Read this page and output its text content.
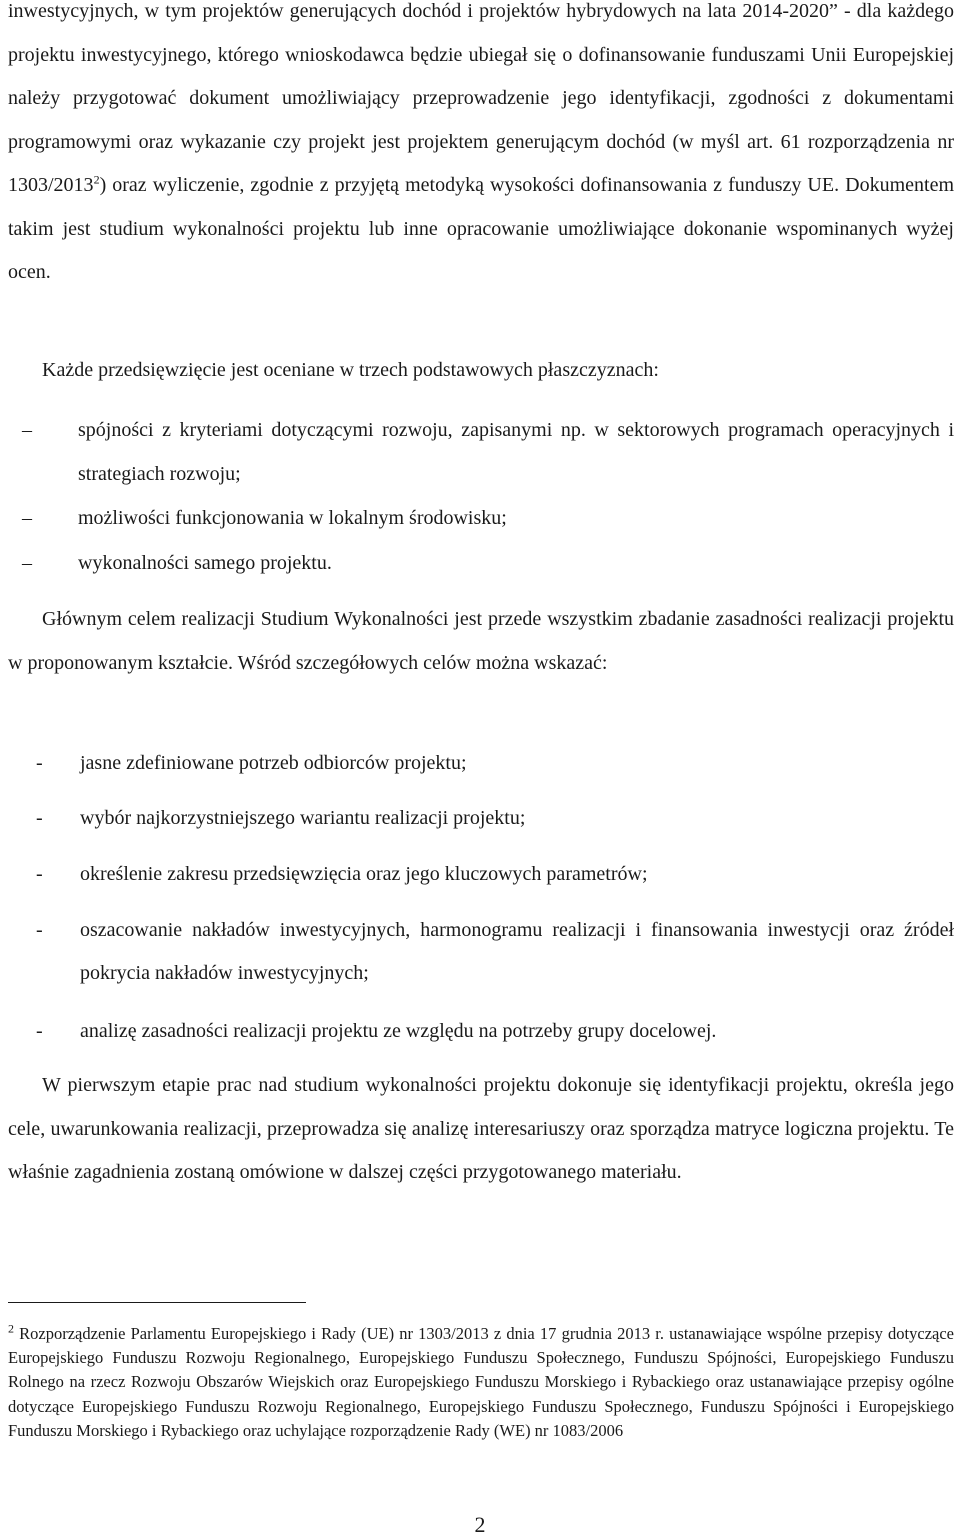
inwestycyjnych, w tym projektów generujących dochód i projektów hybrydowych na lata 2014-2020” - dla każdego projektu inwestycyjnego, którego wnioskodawca będzie ubiegał się o dofinansowanie funduszami Unii Europejskiej należy przygotować dokument umożliwiający przeprowadzenie jego identyfikacji, zgodności z dokumentami programowymi oraz wykazanie czy projekt jest projektem generującym dochód (w myśl art. 61 rozporządzenia nr 1303/2013$^2$) oraz wyliczenie, zgodnie z przyjętą metodyką wysokości dofinansowania z funduszy UE. Dokumentem takim jest studium wykonalności projektu lub inne opracowanie umożliwiające dokonanie wspominanych wyżej ocen.

Każde przedsięwzięcie jest oceniane w trzech podstawowych płaszczyznach:

– spójności z kryteriami dotyczącymi rozwoju, zapisanymi np. w sektorowych programach operacyjnych i strategiach rozwoju;

– możliwości funkcjonowania w lokalnym środowisku;

– wykonalności samego projektu.

Głównym celem realizacji Studium Wykonalności jest przede wszystkim zbadanie zasadności realizacji projektu w proponowanym kształcie. Wśród szczegółowych celów można wskazać:

- jasne zdefiniowane potrzeb odbiorców projektu;

- wybór najkorzystniejszego wariantu realizacji projektu;

- określenie zakresu przedsięwzięcia oraz jego kluczowych parametrów;

- oszacowanie nakładów inwestycyjnych, harmonogramu realizacji i finansowania inwestycji oraz źródeł pokrycia nakładów inwestycyjnych;

- analizę zasadności realizacji projektu ze względu na potrzeby grupy docelowej.

W pierwszym etapie prac nad studium wykonalności projektu dokonuje się identyfikacji projektu, określa jego cele, uwarunkowania realizacji, przeprowadza się analizę interesariuszy oraz sporządza matryce logiczna projektu. Te właśnie zagadnienia zostaną omówione w dalszej części przygotowanego materiału.

$^2$ Rozporządzenie Parlamentu Europejskiego i Rady (UE) nr 1303/2013 z dnia 17 grudnia 2013 r. ustanawiające wspólne przepisy dotyczące Europejskiego Funduszu Rozwoju Regionalnego, Europejskiego Funduszu Społecznego, Funduszu Spójności, Europejskiego Funduszu Rolnego na rzecz Rozwoju Obszarów Wiejskich oraz Europejskiego Funduszu Morskiego i Rybackiego oraz ustanawiające przepisy ogólne dotyczące Europejskiego Funduszu Rozwoju Regionalnego, Europejskiego Funduszu Społecznego, Funduszu Spójności i Europejskiego Funduszu Morskiego i Rybackiego oraz uchylające rozporządzenie Rady (WE) nr 1083/2006

2
